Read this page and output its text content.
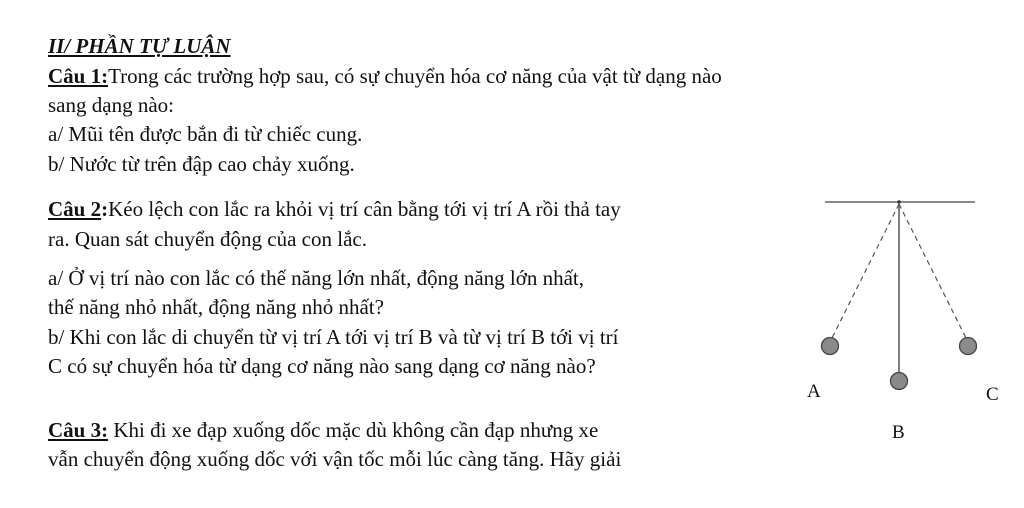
II/ PHẦN TỰ LUẬN
Câu 1:Trong các trường hợp sau, có sự chuyển hóa cơ năng của vật từ dạng nào
sang dạng nào:
a/ Mũi tên được bắn đi từ chiếc cung.
b/ Nước từ trên đập cao chảy xuống.
Câu 2:Kéo lệch con lắc ra khỏi vị trí cân bằng tới vị trí A rồi thả tay
ra. Quan sát chuyển động của con lắc.
a/ Ở vị trí nào con lắc có thế năng lớn nhất, động năng lớn nhất,
thế năng nhỏ nhất, động năng nhỏ nhất?
b/ Khi con lắc di chuyển từ vị trí A tới vị trí B và từ vị trí B tới vị trí
C có sự chuyển hóa từ dạng cơ năng nào sang dạng cơ năng nào?
Câu 3: Khi đi xe đạp xuống dốc mặc dù không cần đạp nhưng xe
vẫn chuyển động xuống dốc với vận tốc mỗi lúc càng tăng. Hãy giải
A
B
C
